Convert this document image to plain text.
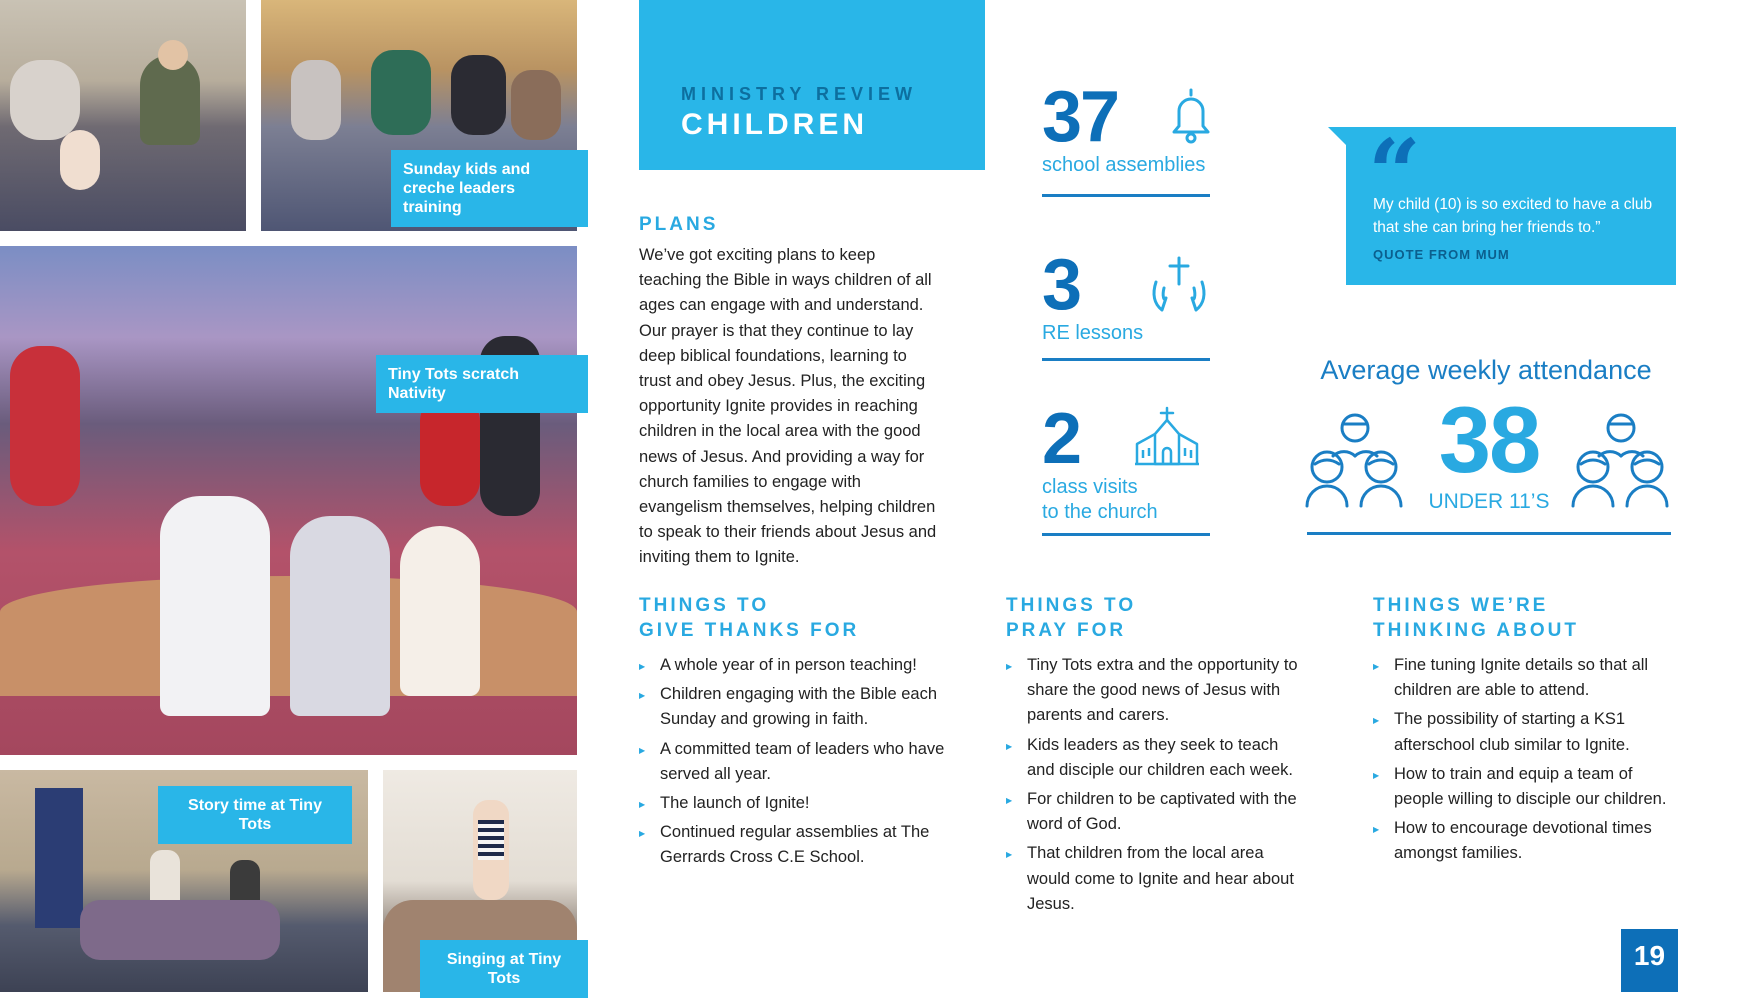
Sunday kids and creche leaders training
Tiny Tots scratch Nativity
Story time at Tiny Tots
Singing at Tiny Tots
MINISTRY REVIEW
CHILDREN
PLANS
We’ve got exciting plans to keep teaching the Bible in ways children of all ages can engage with and understand. Our prayer is that they continue to lay deep biblical foundations, learning to trust and obey Jesus. Plus, the exciting opportunity Ignite provides in reaching children in the local area with the good news of Jesus. And providing a way for church families to engage with evangelism themselves, helping children to speak to their friends about Jesus and inviting them to Ignite.
37
school assemblies
3
RE lessons
2
class visits
to the church
“
My child (10) is so excited to have a club that she can bring her friends to.”
QUOTE FROM MUM
Average weekly attendance
38
UNDER 11’S
THINGS TO
GIVE THANKS FOR
▶ A whole year of in person teaching!
▶ Children engaging with the Bible each Sunday and growing in faith.
▶ A committed team of leaders who have served all year.
▶ The launch of Ignite!
▶ Continued regular assemblies at The Gerrards Cross C.E School.
THINGS TO
PRAY FOR
▶ Tiny Tots extra and the opportunity to share the good news of Jesus with parents and carers.
▶ Kids leaders as they seek to teach and disciple our children each week.
▶ For children to be captivated with the word of God.
▶ That children from the local area would come to Ignite and hear about Jesus.
THINGS WE’RE
THINKING ABOUT
▶ Fine tuning Ignite details so that all children are able to attend.
▶ The possibility of starting a KS1 afterschool club similar to Ignite.
▶ How to train and equip a team of people willing to disciple our children.
▶ How to encourage devotional times amongst families.
19
